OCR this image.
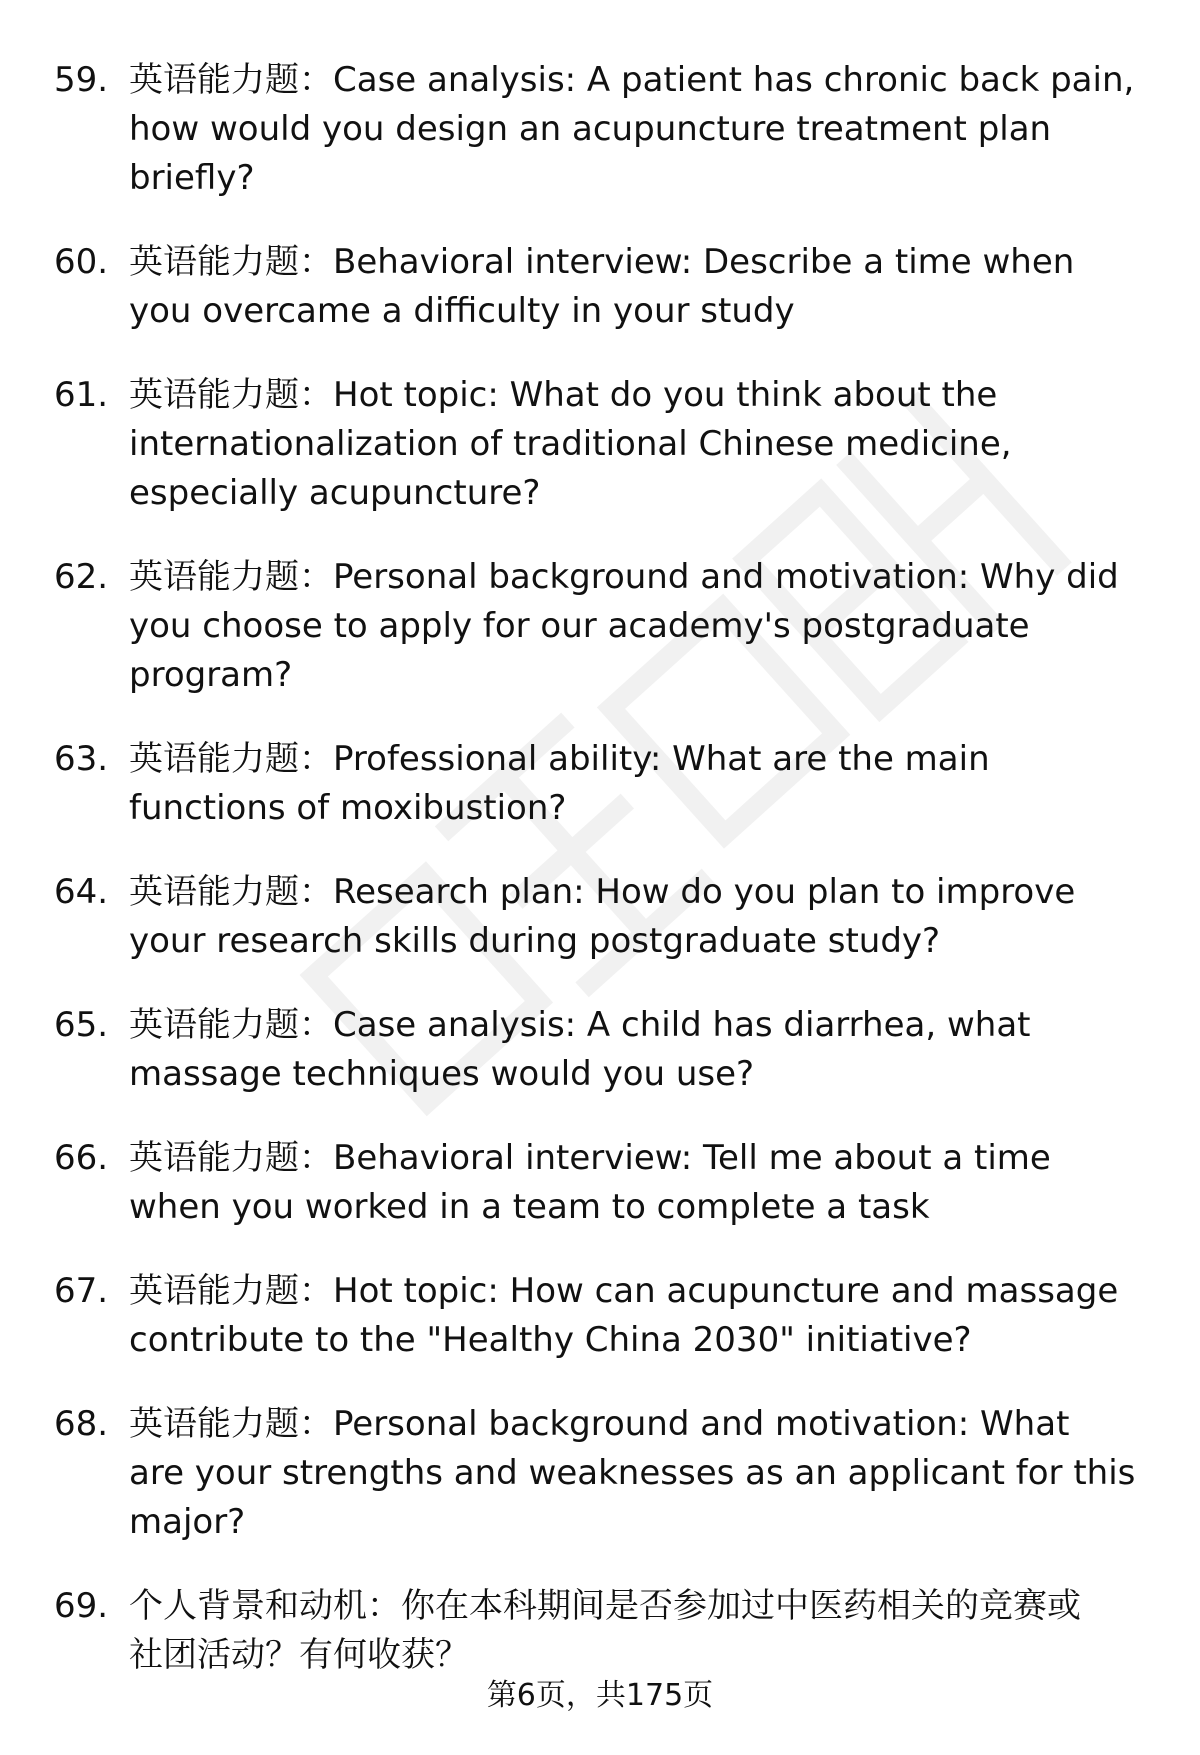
59. 英语能力题：Case analysis: A patient has chronic back pain,
how would you design an acupuncture treatment plan
briefly?
60. 英语能力题：Behavioral interview: Describe a time when
you overcame a difficulty in your study
61. 英语能力题：Hot topic: What do you think about the
internationalization of traditional Chinese medicine,
especially acupuncture?
62. 英语能力题：Personal background and motivation: Why did
you choose to apply for our academy's postgraduate
program?
63. 英语能力题：Professional ability: What are the main
functions of moxibustion?
64. 英语能力题：Research plan: How do you plan to improve
your research skills during postgraduate study?
65. 英语能力题：Case analysis: A child has diarrhea, what
massage techniques would you use?
66. 英语能力题：Behavioral interview: Tell me about a time
when you worked in a team to complete a task
67. 英语能力题：Hot topic: How can acupuncture and massage
contribute to the "Healthy China 2030" initiative?
68. 英语能力题：Personal background and motivation: What
are your strengths and weaknesses as an applicant for this
major?
69. 个人背景和动机：你在本科期间是否参加过中医药相关的竞赛或
社团活动？有何收获？
第6页，共175页
